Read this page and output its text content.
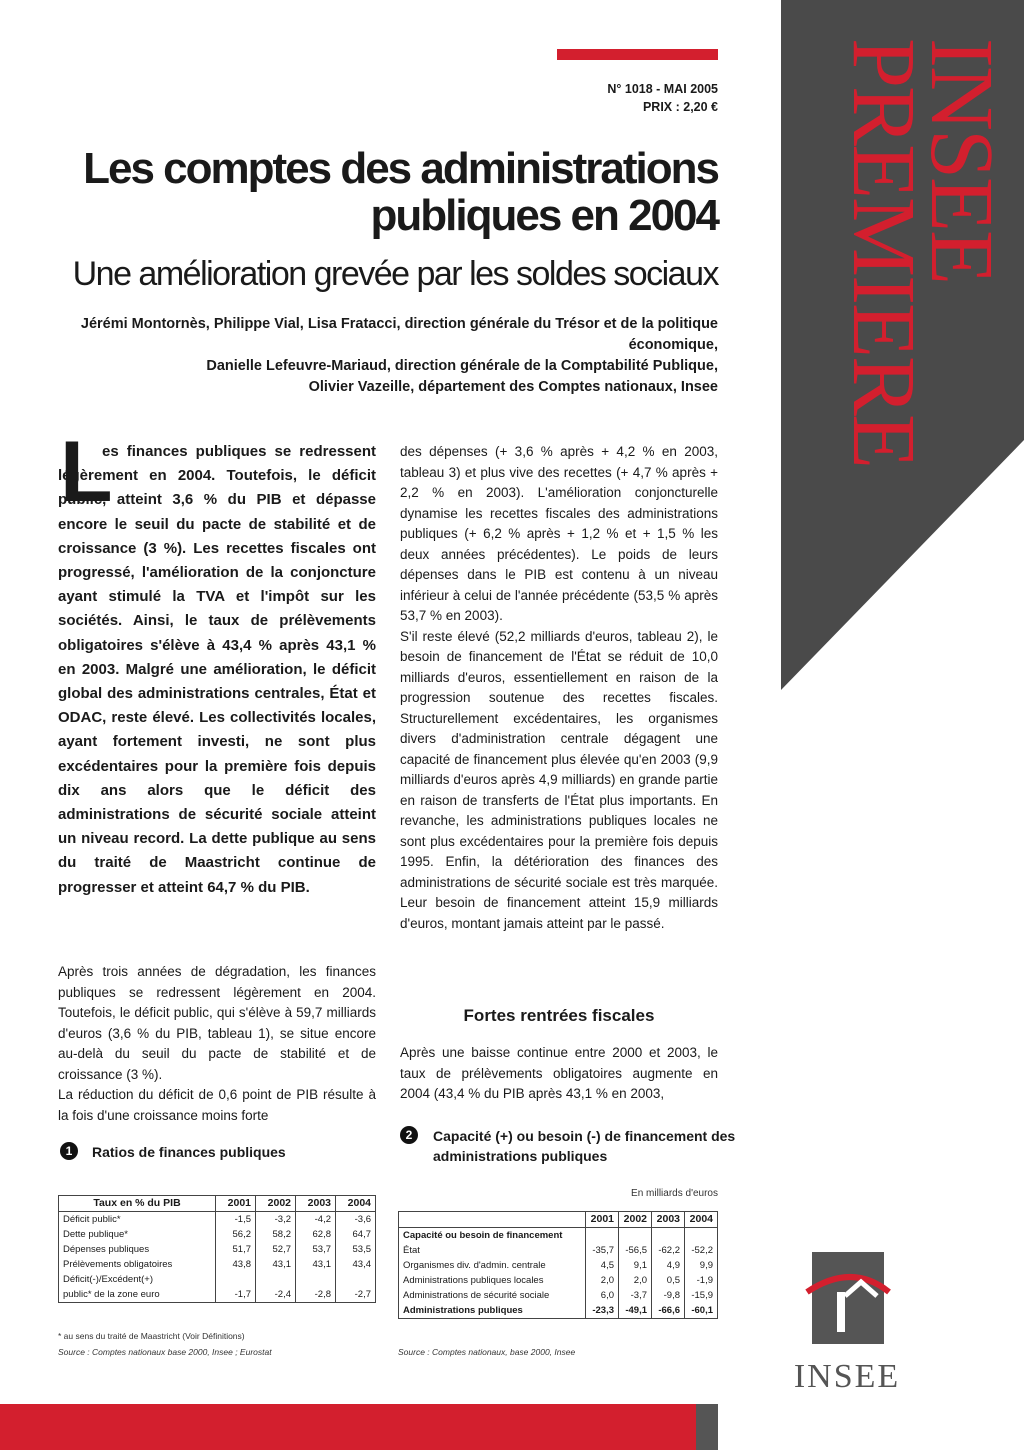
INSEE
PREMIERE
N° 1018 - MAI 2005
PRIX : 2,20 €
Les comptes des administrations publiques en 2004
Une amélioration grevée par les soldes sociaux
Jérémi Montornès, Philippe Vial, Lisa Fratacci, direction générale du Trésor et de la politique économique,
Danielle Lefeuvre-Mariaud, direction générale de la Comptabilité Publique,
Olivier Vazeille, département des Comptes nationaux, Insee
L

es finances publiques se redressent légèrement en 2004. Toutefois, le déficit public, atteint 3,6 % du PIB et dépasse encore le seuil du pacte de stabilité et de croissance (3 %). Les recettes fiscales ont progressé, l'amélioration de la conjoncture ayant stimulé la TVA et l'impôt sur les sociétés. Ainsi, le taux de prélèvements obligatoires s'élève à 43,4 % après 43,1 % en 2003. Malgré une amélioration, le déficit global des administrations centrales, État et ODAC, reste élevé. Les collectivités locales, ayant fortement investi, ne sont plus excédentaires pour la première fois depuis dix ans alors que le déficit des administrations de sécurité sociale atteint un niveau record. La dette publique au sens du traité de Maastricht continue de progresser et atteint 64,7 % du PIB.

Après trois années de dégradation, les finances publiques se redressent légèrement en 2004. Toutefois, le déficit public, qui s'élève à 59,7 milliards d'euros (3,6 % du PIB, tableau 1), se situe encore au-delà du seuil du pacte de stabilité et de croissance (3 %).

La réduction du déficit de 0,6 point de PIB résulte à la fois d'une croissance moins forte

des dépenses (+ 3,6 % après + 4,2 % en 2003, tableau 3) et plus vive des recettes (+ 4,7 % après + 2,2 % en 2003). L'amélioration conjoncturelle dynamise les recettes fiscales des administrations publiques (+ 6,2 % après + 1,2 % et + 1,5 % les deux années précédentes). Le poids de leurs dépenses dans le PIB est contenu à un niveau inférieur à celui de l'année précédente (53,5 % après 53,7 % en 2003).

S'il reste élevé (52,2 milliards d'euros, tableau 2), le besoin de financement de l'État se réduit de 10,0 milliards d'euros, essentiellement en raison de la progression soutenue des recettes fiscales. Structurellement excédentaires, les organismes divers d'administration centrale dégagent une capacité de financement plus élevée qu'en 2003 (9,9 milliards d'euros après 4,9 milliards) en grande partie en raison de transferts de l'État plus importants. En revanche, les administrations publiques locales ne sont plus excédentaires pour la première fois depuis 1995. Enfin, la détérioration des finances des administrations de sécurité sociale est très marquée. Leur besoin de financement atteint 15,9 milliards d'euros, montant jamais atteint par le passé.

Fortes rentrées fiscales

Après une baisse continue entre 2000 et 2003, le taux de prélèvements obligatoires augmente en 2004 (43,4 % du PIB après 43,1 % en 2003,

1 Ratios de finances publiques
Taux en % du PIB	2001	2002	2003	2004
Déficit public*	-1,5	-3,2	-4,2	-3,6
Dette publique*	56,2	58,2	62,8	64,7
Dépenses publiques	51,7	52,7	53,7	53,5
Prélèvements obligatoires	43,8	43,1	43,1	43,4
Déficit(-)/Excédent(+)				
public* de la zone euro	-1,7	-2,4	-2,8	-2,7
* au sens du traité de Maastricht (Voir Définitions)
Source : Comptes nationaux base 2000, Insee ; Eurostat
2 Capacité (+) ou besoin (-) de financement des administrations publiques
En milliards d'euros
	2001	2002	2003	2004
Capacité ou besoin de financement				
État	-35,7	-56,5	-62,2	-52,2
Organismes div. d'admin. centrale	4,5	9,1	4,9	9,9
Administrations publiques locales	2,0	2,0	0,5	-1,9
Administrations de sécurité sociale	6,0	-3,7	-9,8	-15,9
Administrations publiques	-23,3	-49,1	-66,6	-60,1
Source : Comptes nationaux, base 2000, Insee
INSEE
